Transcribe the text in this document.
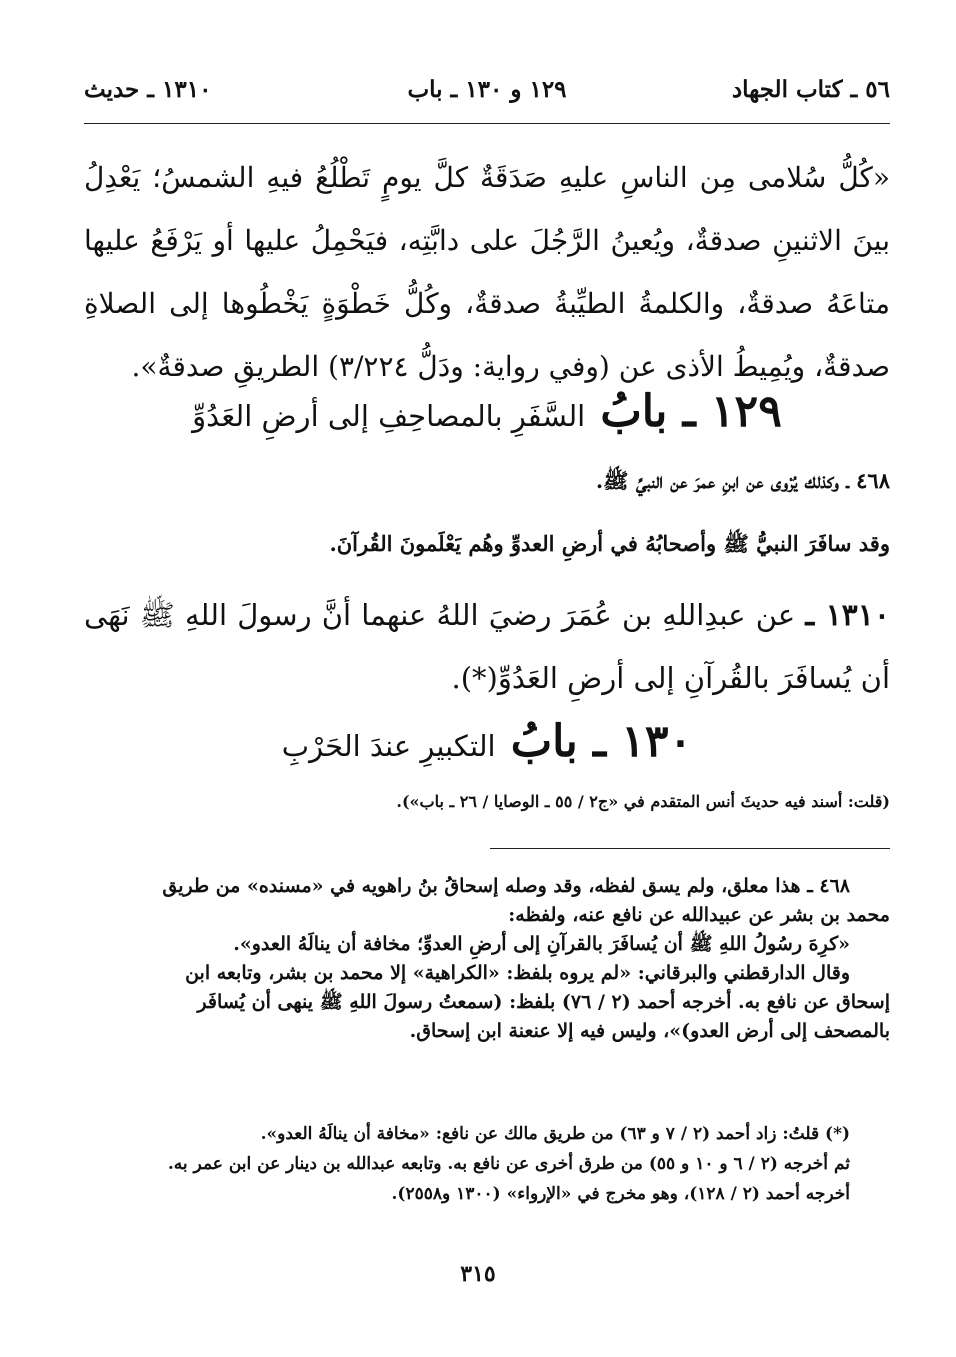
٥٦ ـ كتاب الجهاد
١٢٩ و ١٣٠ ـ باب
١٣١٠ ـ حديث
«كُلُّ سُلامى مِن الناسِ عليهِ صَدَقَةٌ كلَّ يومٍ تَطْلُعُ فيهِ الشمسُ؛ يَعْدِلُ بينَ الاثنينِ صدقةٌ، ويُعينُ الرَّجُلَ على دابَّتِه، فيَحْمِلُ عليها أو يَرْفَعُ عليها متاعَهُ صدقةٌ، والكلمةُ الطيِّبةُ صدقةٌ، وكُلُّ خَطْوَةٍ يَخْطُوها إلى الصلاةِ صدقةٌ، ويُمِيطُ الأذى عن (وفي رواية: ودَلُّ ٣/٢٢٤) الطريقِ صدقةٌ».
١٢٩ ـ بابُ السَّفَرِ بالمصاحِفِ إلى أرضِ العَدُوِّ
٤٦٨ ـ وكذلك يُرْوى عن ابنِ عمرَ عن النبيِّ ﷺ.
وقد سافَرَ النبيُّ ﷺ وأصحابُهُ في أرضِ العدوِّ وهُم يَعْلَمونَ القُرآنَ.
١٣١٠ ـ عن عبدِاللهِ بن عُمَرَ رضيَ اللهُ عنهما أنَّ رسولَ اللهِ ﷺ نَهَى أن يُسافَرَ بالقُرآنِ إلى أرضِ العَدُوِّ(*).
١٣٠ ـ بابُ التكبيرِ عندَ الحَرْبِ
(قلت: أسند فيه حديثَ أنس المتقدم في «ج٢ / ٥٥ ـ الوصايا / ٢٦ ـ باب»).
٤٦٨ ـ هذا معلق، ولم يسق لفظه، وقد وصله إسحاقُ بنُ راهويه في «مسنده» من طريق
محمد بن بشر عن عبيدالله عن نافع عنه، ولفظه:
«كرِهَ رسُولُ اللهِ ﷺ أن يُسافَرَ بالقرآنِ إلى أرضِ العدوِّ؛ مخافة أن ينالَهُ العدو».
وقال الدارقطني والبرقاني: «لم يروه بلفظ: «الكراهية» إلا محمد بن بشر، وتابعه ابن
إسحاق عن نافع به. أخرجه أحمد (٢ / ٧٦) بلفظ: (سمعتُ رسولَ اللهِ ﷺ ينهى أن يُسافَر
بالمصحف إلى أرض العدو)»، وليس فيه إلا عنعنة ابن إسحاق.

(*) قلتُ: زاد أحمد (٢ / ٧ و ٦٣) من طريق مالك عن نافع: «مخافة أن ينالَهُ العدو».

ثم أخرجه (٢ / ٦ و ١٠ و ٥٥) من طرق أخرى عن نافع به. وتابعه عبدالله بن دينار عن ابن عمر به.

أخرجه أحمد (٢ / ١٢٨)، وهو مخرج في «الإرواء» (١٣٠٠ و٢٥٥٨).

٣١٥
